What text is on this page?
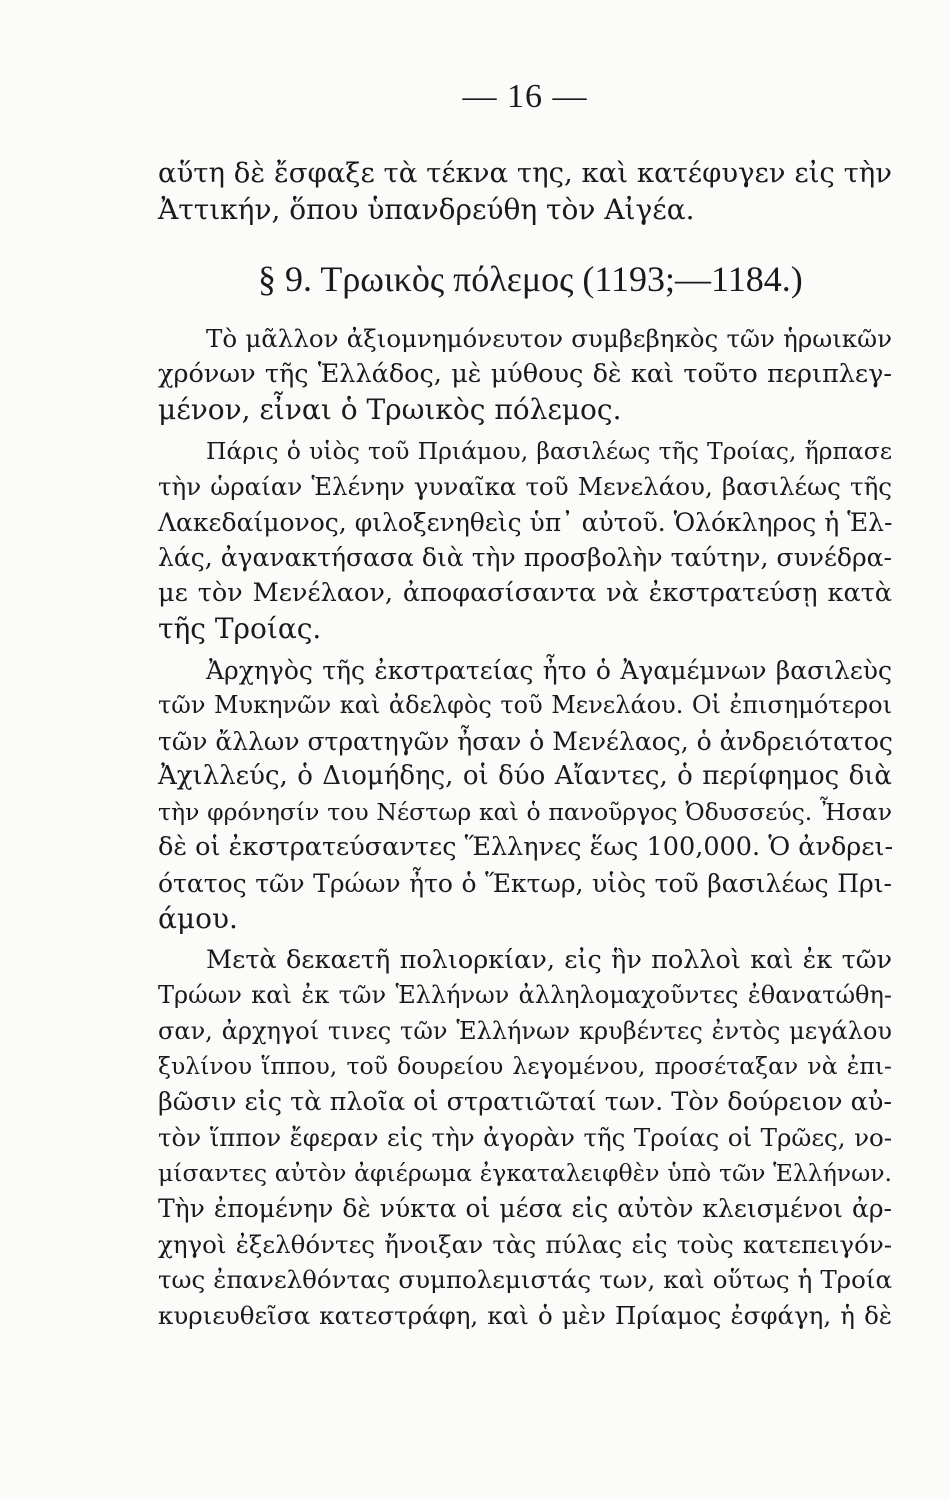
— 16 —
αὕτη δὲ ἔσφαξε τὰ τέκνα της, καὶ κατέφυγεν εἰς τὴν
Ἀττικήν, ὅπου ὑπανδρεύθη τὸν Αἰγέα.
§ 9. Τρωικὸς πόλεμος (1193;—1184.)
Τὸ μᾶλλον ἀξιομνημόνευτον συμβεβηκὸς τῶν ἡρωικῶν
χρόνων τῆς Ἑλλάδος, μὲ μύθους δὲ καὶ τοῦτο περιπλεγ-
μένον, εἶναι ὁ Τρωικὸς πόλεμος.
Πάρις ὁ υἱὸς τοῦ Πριάμου, βασιλέως τῆς Τροίας, ἥρπασε
τὴν ὡραίαν Ἑλένην γυναῖκα τοῦ Μενελάου, βασιλέως τῆς
Λακεδαίμονος, φιλοξενηθεὶς ὑπ᾽ αὐτοῦ. Ὁλόκληρος ἡ Ἑλ-
λάς, ἀγανακτήσασα διὰ τὴν προσβολὴν ταύτην, συνέδρα-
με τὸν Μενέλαον, ἀποφασίσαντα νὰ ἐκστρατεύσῃ κατὰ
τῆς Τροίας.
Ἀρχηγὸς τῆς ἐκστρατείας ἦτο ὁ Ἀγαμέμνων βασιλεὺς
τῶν Μυκηνῶν καὶ ἀδελφὸς τοῦ Μενελάου. Οἱ ἐπισημότεροι
τῶν ἄλλων στρατηγῶν ἦσαν ὁ Μενέλαος, ὁ ἀνδρειότατος
Ἀχιλλεύς, ὁ Διομήδης, οἱ δύο Αἴαντες, ὁ περίφημος διὰ
τὴν φρόνησίν του Νέστωρ καὶ ὁ πανοῦργος Ὀδυσσεύς. Ἦσαν
δὲ οἱ ἐκστρατεύσαντες Ἕλληνες ἕως 100,000. Ὁ ἀνδρει-
ότατος τῶν Τρώων ἦτο ὁ Ἕκτωρ, υἱὸς τοῦ βασιλέως Πρι-
άμου.
Μετὰ δεκαετῆ πολιορκίαν, εἰς ἣν πολλοὶ καὶ ἐκ τῶν
Τρώων καὶ ἐκ τῶν Ἑλλήνων ἀλληλομαχοῦντες ἐθανατώθη-
σαν, ἀρχηγοί τινες τῶν Ἑλλήνων κρυβέντες ἐντὸς μεγάλου
ξυλίνου ἵππου, τοῦ δουρείου λεγομένου, προσέταξαν νὰ ἐπι-
βῶσιν εἰς τὰ πλοῖα οἱ στρατιῶταί των. Τὸν δούρειον αὐ-
τὸν ἵππον ἔφεραν εἰς τὴν ἀγορὰν τῆς Τροίας οἱ Τρῶες, νο-
μίσαντες αὐτὸν ἀφιέρωμα ἐγκαταλειφθὲν ὑπὸ τῶν Ἑλλήνων.
Τὴν ἐπομένην δὲ νύκτα οἱ μέσα εἰς αὐτὸν κλεισμένοι ἀρ-
χηγοὶ ἐξελθόντες ἤνοιξαν τὰς πύλας εἰς τοὺς κατεπειγόν-
τως ἐπανελθόντας συμπολεμιστάς των, καὶ οὕτως ἡ Τροία
κυριευθεῖσα κατεστράφη, καὶ ὁ μὲν Πρίαμος ἐσφάγη, ἡ δὲ
